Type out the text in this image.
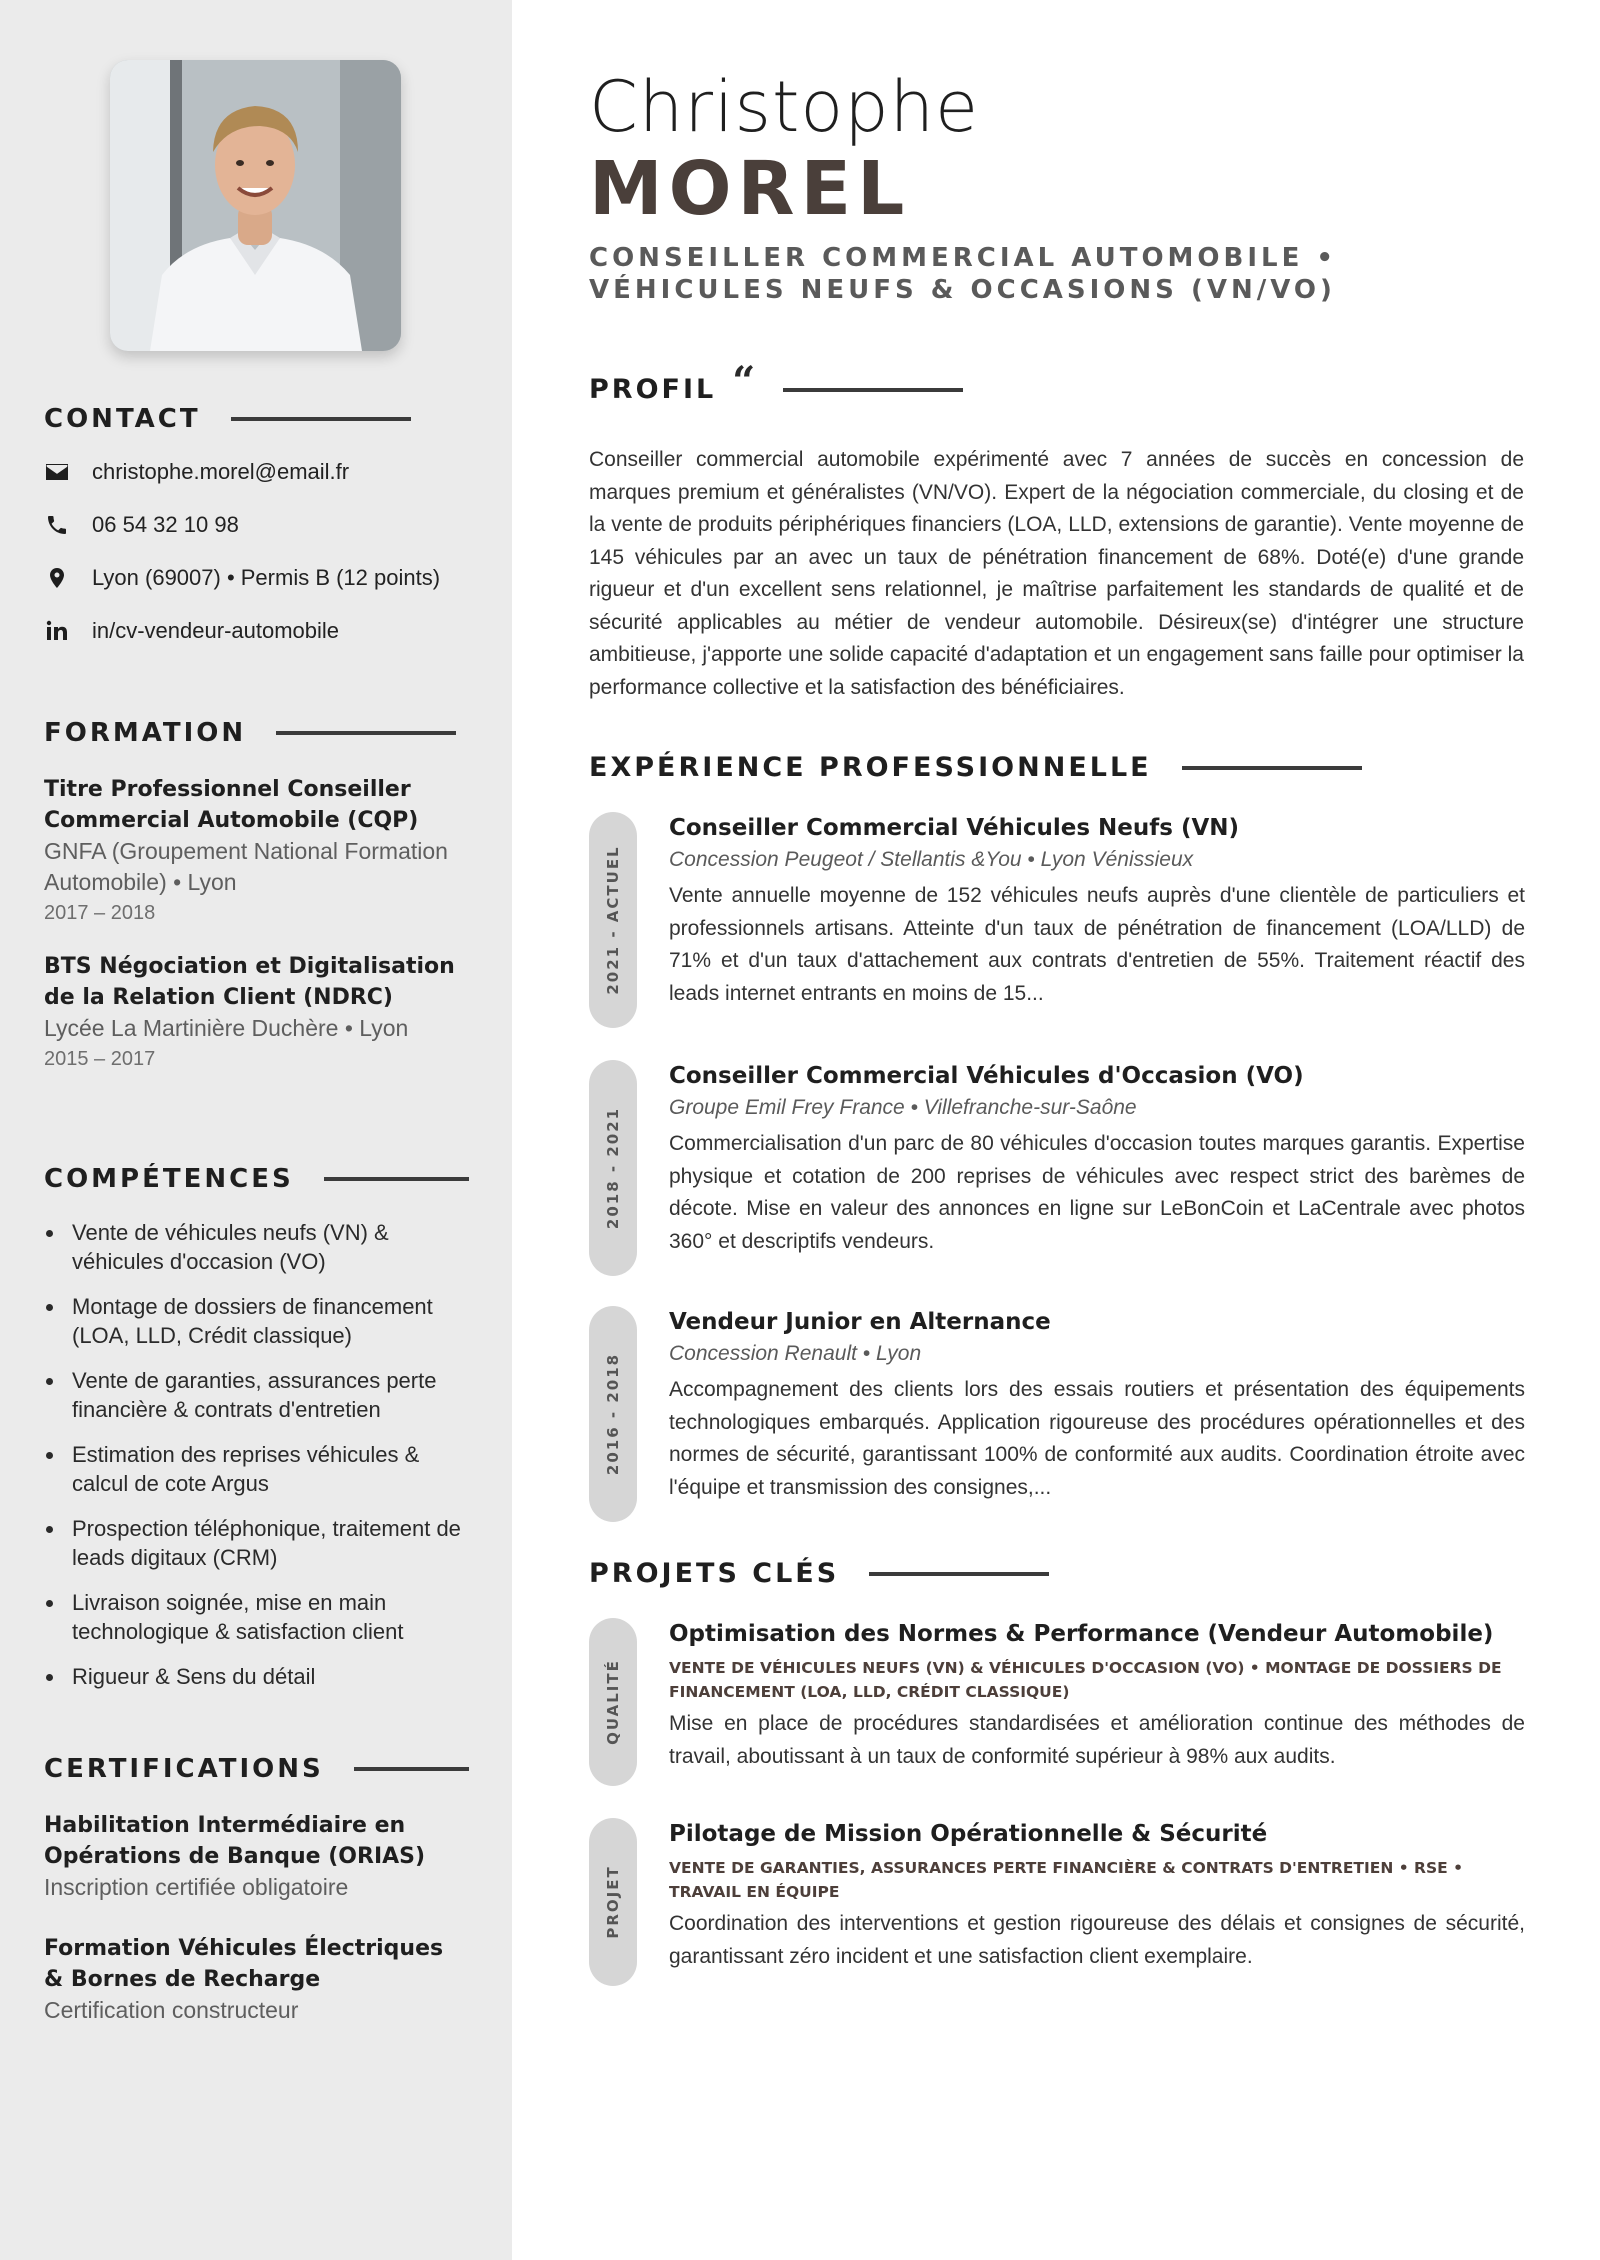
CONTACT
christophe.morel@email.fr
06 54 32 10 98
Lyon (69007) • Permis B (12 points)
in/cv-vendeur-automobile
FORMATION
Titre Professionnel Conseiller Commercial Automobile (CQP)
GNFA (Groupement National Formation Automobile) • Lyon
2017 – 2018
BTS Négociation et Digitalisation de la Relation Client (NDRC)
Lycée La Martinière Duchère • Lyon
2015 – 2017
COMPÉTENCES
Vente de véhicules neufs (VN) & véhicules d'occasion (VO)
Montage de dossiers de financement (LOA, LLD, Crédit classique)
Vente de garanties, assurances perte financière & contrats d'entretien
Estimation des reprises véhicules & calcul de cote Argus
Prospection téléphonique, traitement de leads digitaux (CRM)
Livraison soignée, mise en main technologique & satisfaction client
Rigueur & Sens du détail
CERTIFICATIONS
Habilitation Intermédiaire en Opérations de Banque (ORIAS)
Inscription certifiée obligatoire
Formation Véhicules Électriques & Bornes de Recharge
Certification constructeur
Christophe
MOREL
CONSEILLER COMMERCIAL AUTOMOBILE • VÉHICULES NEUFS & OCCASIONS (VN/VO)
PROFIL “
Conseiller commercial automobile expérimenté avec 7 années de succès en concession de marques premium et généralistes (VN/VO). Expert de la négociation commerciale, du closing et de la vente de produits périphériques financiers (LOA, LLD, extensions de garantie). Vente moyenne de 145 véhicules par an avec un taux de pénétration financement de 68%. Doté(e) d'une grande rigueur et d'un excellent sens relationnel, je maîtrise parfaitement les standards de qualité et de sécurité applicables au métier de vendeur automobile. Désireux(se) d'intégrer une structure ambitieuse, j'apporte une solide capacité d'adaptation et un engagement sans faille pour optimiser la performance collective et la satisfaction des bénéficiaires.
EXPÉRIENCE PROFESSIONNELLE
2021 - ACTUEL
Conseiller Commercial Véhicules Neufs (VN)
Concession Peugeot / Stellantis &You • Lyon Vénissieux
Vente annuelle moyenne de 152 véhicules neufs auprès d'une clientèle de particuliers et professionnels artisans. Atteinte d'un taux de pénétration de financement (LOA/LLD) de 71% et d'un taux d'attachement aux contrats d'entretien de 55%. Traitement réactif des leads internet entrants en moins de 15...
2018 - 2021
Conseiller Commercial Véhicules d'Occasion (VO)
Groupe Emil Frey France • Villefranche-sur-Saône
Commercialisation d'un parc de 80 véhicules d'occasion toutes marques garantis. Expertise physique et cotation de 200 reprises de véhicules avec respect strict des barèmes de décote. Mise en valeur des annonces en ligne sur LeBonCoin et LaCentrale avec photos 360° et descriptifs vendeurs.
2016 - 2018
Vendeur Junior en Alternance
Concession Renault • Lyon
Accompagnement des clients lors des essais routiers et présentation des équipements technologiques embarqués. Application rigoureuse des procédures opérationnelles et des normes de sécurité, garantissant 100% de conformité aux audits. Coordination étroite avec l'équipe et transmission des consignes,...
PROJETS CLÉS
QUALITÉ
Optimisation des Normes & Performance (Vendeur Automobile)
VENTE DE VÉHICULES NEUFS (VN) & VÉHICULES D'OCCASION (VO) • MONTAGE DE DOSSIERS DE FINANCEMENT (LOA, LLD, CRÉDIT CLASSIQUE)
Mise en place de procédures standardisées et amélioration continue des méthodes de travail, aboutissant à un taux de conformité supérieur à 98% aux audits.
PROJET
Pilotage de Mission Opérationnelle & Sécurité
VENTE DE GARANTIES, ASSURANCES PERTE FINANCIÈRE & CONTRATS D'ENTRETIEN • RSE • TRAVAIL EN ÉQUIPE
Coordination des interventions et gestion rigoureuse des délais et consignes de sécurité, garantissant zéro incident et une satisfaction client exemplaire.
